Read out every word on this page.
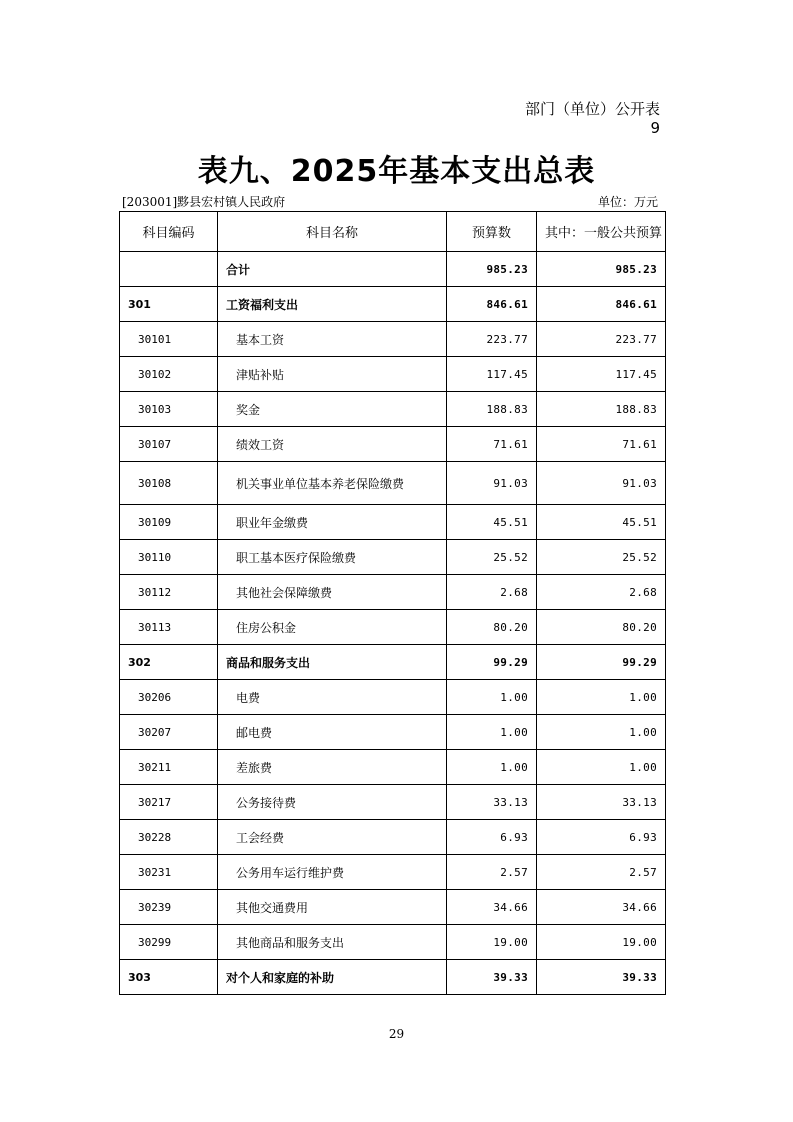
部门（单位）公开表
9
表九、2025年基本支出总表
[203001]黟县宏村镇人民政府	单位：万元
科目编码	科目名称	预算数	其中：一般公共预算
	合计	985.23	985.23
301	工资福利支出	846.61	846.61
30101	基本工资	223.77	223.77
30102	津贴补贴	117.45	117.45
30103	奖金	188.83	188.83
30107	绩效工资	71.61	71.61
30108	机关事业单位基本养老保险缴费	91.03	91.03
30109	职业年金缴费	45.51	45.51
30110	职工基本医疗保险缴费	25.52	25.52
30112	其他社会保障缴费	2.68	2.68
30113	住房公积金	80.20	80.20
302	商品和服务支出	99.29	99.29
30206	电费	1.00	1.00
30207	邮电费	1.00	1.00
30211	差旅费	1.00	1.00
30217	公务接待费	33.13	33.13
30228	工会经费	6.93	6.93
30231	公务用车运行维护费	2.57	2.57
30239	其他交通费用	34.66	34.66
30299	其他商品和服务支出	19.00	19.00
303	对个人和家庭的补助	39.33	39.33
29
